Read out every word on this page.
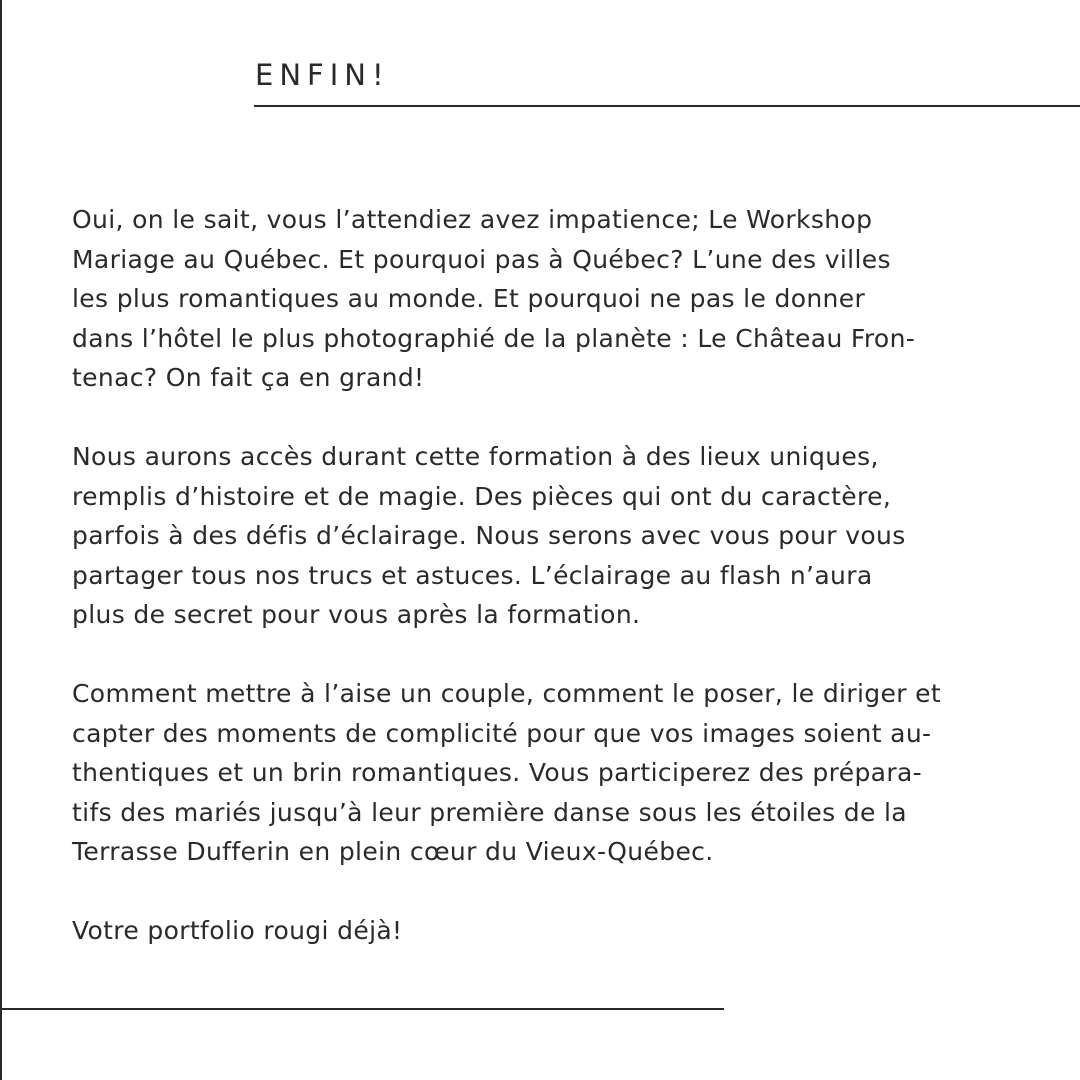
ENFIN!

Oui, on le sait, vous l’attendiez avez impatience; Le Workshop
Mariage au Québec. Et pourquoi pas à Québec? L’une des villes
les plus romantiques au monde. Et pourquoi ne pas le donner
dans l’hôtel le plus photographié de la planète : Le Château Fron-
tenac? On fait ça en grand!

Nous aurons accès durant cette formation à des lieux uniques,
remplis d’histoire et de magie. Des pièces qui ont du caractère,
parfois à des défis d’éclairage. Nous serons avec vous pour vous
partager tous nos trucs et astuces. L’éclairage au flash n’aura
plus de secret pour vous après la formation.

Comment mettre à l’aise un couple, comment le poser, le diriger et
capter des moments de complicité pour que vos images soient au-
thentiques et un brin romantiques. Vous participerez des prépara-
tifs des mariés jusqu’à leur première danse sous les étoiles de la
Terrasse Dufferin en plein cœur du Vieux-Québec.

Votre portfolio rougi déjà!
